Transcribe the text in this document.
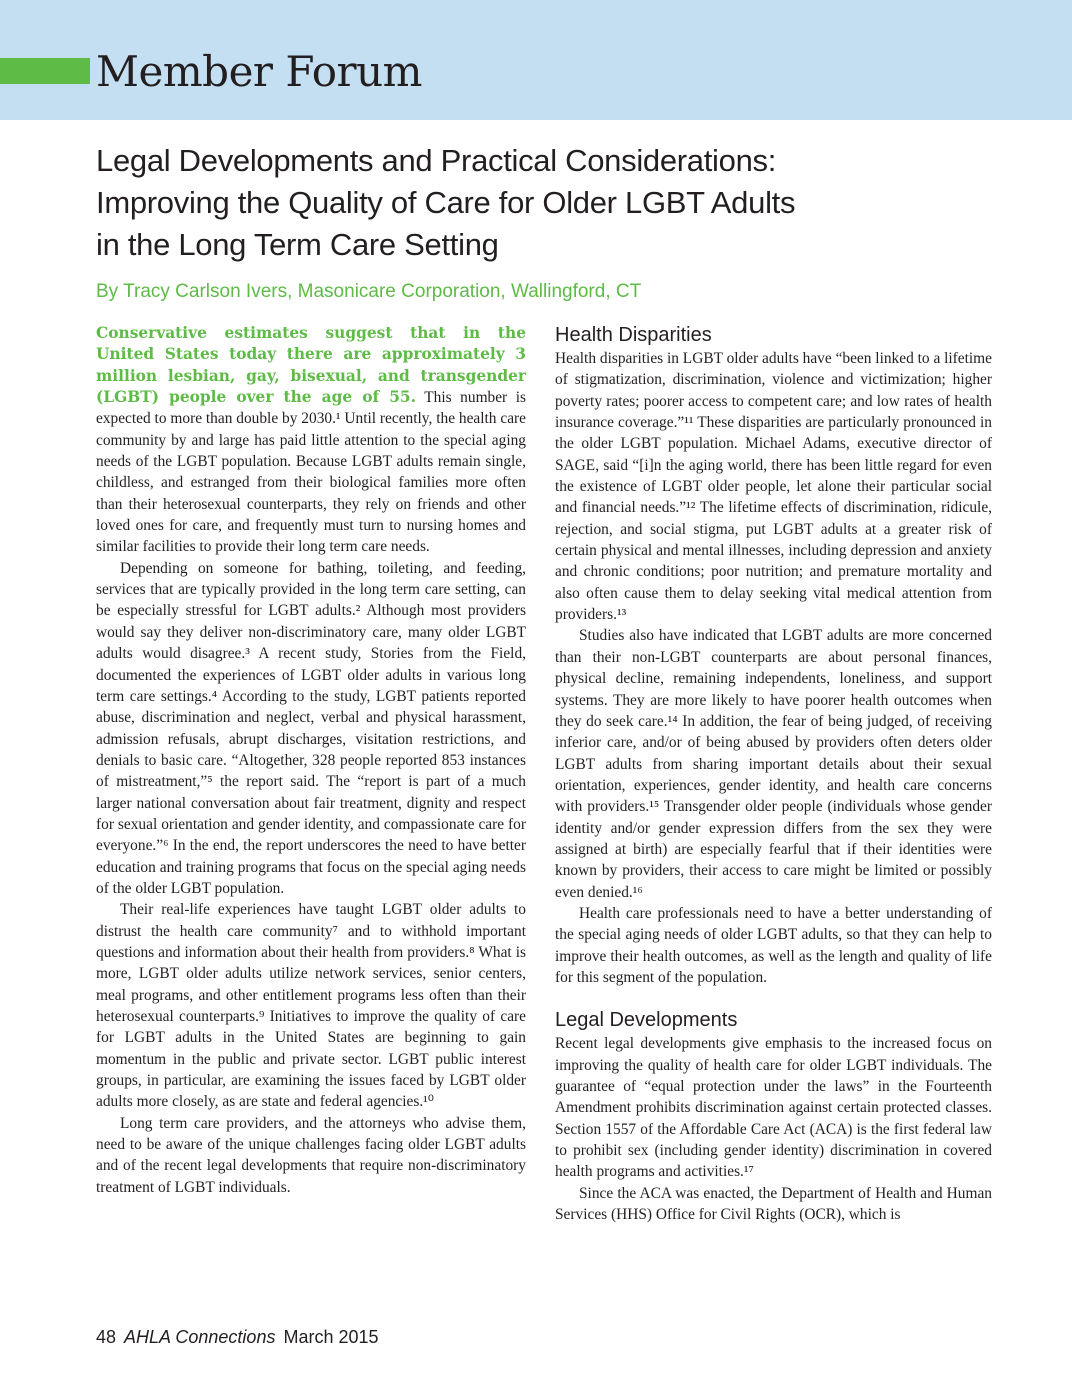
Member Forum
Legal Developments and Practical Considerations:
Improving the Quality of Care for Older LGBT Adults
in the Long Term Care Setting

By Tracy Carlson Ivers, Masonicare Corporation, Wallingford, CT

Conservative estimates suggest that in the United States today there are approximately 3 million lesbian, gay, bisexual, and transgender (LGBT) people over the age of 55. This number is expected to more than double by 2030.¹ Until recently, the health care community by and large has paid little attention to the special aging needs of the LGBT population. Because LGBT adults remain single, childless, and estranged from their biological families more often than their heterosexual counterparts, they rely on friends and other loved ones for care, and frequently must turn to nursing homes and similar facilities to provide their long term care needs.

Depending on someone for bathing, toileting, and feeding, services that are typically provided in the long term care setting, can be especially stressful for LGBT adults.² Although most providers would say they deliver non-discriminatory care, many older LGBT adults would disagree.³ A recent study, Stories from the Field, documented the experiences of LGBT older adults in various long term care settings.⁴ According to the study, LGBT patients reported abuse, discrimination and neglect, verbal and physical harassment, admission refusals, abrupt discharges, visitation restrictions, and denials to basic care. “Altogether, 328 people reported 853 instances of mistreatment,”⁵ the report said. The “report is part of a much larger national conversation about fair treatment, dignity and respect for sexual orientation and gender identity, and compassionate care for everyone.”⁶ In the end, the report underscores the need to have better education and training programs that focus on the special aging needs of the older LGBT population.

Their real-life experiences have taught LGBT older adults to distrust the health care community⁷ and to withhold important questions and information about their health from providers.⁸ What is more, LGBT older adults utilize network services, senior centers, meal programs, and other entitlement programs less often than their heterosexual counterparts.⁹ Initiatives to improve the quality of care for LGBT adults in the United States are beginning to gain momentum in the public and private sector. LGBT public interest groups, in particular, are examining the issues faced by LGBT older adults more closely, as are state and federal agencies.¹⁰

Long term care providers, and the attorneys who advise them, need to be aware of the unique challenges facing older LGBT adults and of the recent legal developments that require non-discriminatory treatment of LGBT individuals.

Health Disparities

Health disparities in LGBT older adults have “been linked to a lifetime of stigmatization, discrimination, violence and victimization; higher poverty rates; poorer access to competent care; and low rates of health insurance coverage.”¹¹ These disparities are particularly pronounced in the older LGBT population. Michael Adams, executive director of SAGE, said “[i]n the aging world, there has been little regard for even the existence of LGBT older people, let alone their particular social and financial needs.”¹² The lifetime effects of discrimination, ridicule, rejection, and social stigma, put LGBT adults at a greater risk of certain physical and mental illnesses, including depression and anxiety and chronic conditions; poor nutrition; and premature mortality and also often cause them to delay seeking vital medical attention from providers.¹³

Studies also have indicated that LGBT adults are more concerned than their non-LGBT counterparts are about personal finances, physical decline, remaining independents, loneliness, and support systems. They are more likely to have poorer health outcomes when they do seek care.¹⁴ In addition, the fear of being judged, of receiving inferior care, and/or of being abused by providers often deters older LGBT adults from sharing important details about their sexual orientation, experiences, gender identity, and health care concerns with providers.¹⁵ Transgender older people (individuals whose gender identity and/or gender expression differs from the sex they were assigned at birth) are especially fearful that if their identities were known by providers, their access to care might be limited or possibly even denied.¹⁶

Health care professionals need to have a better understanding of the special aging needs of older LGBT adults, so that they can help to improve their health outcomes, as well as the length and quality of life for this segment of the population.

Legal Developments

Recent legal developments give emphasis to the increased focus on improving the quality of health care for older LGBT individuals. The guarantee of “equal protection under the laws” in the Fourteenth Amendment prohibits discrimination against certain protected classes. Section 1557 of the Affordable Care Act (ACA) is the first federal law to prohibit sex (including gender identity) discrimination in covered health programs and activities.¹⁷

Since the ACA was enacted, the Department of Health and Human Services (HHS) Office for Civil Rights (OCR), which is

48 AHLA Connections March 2015
